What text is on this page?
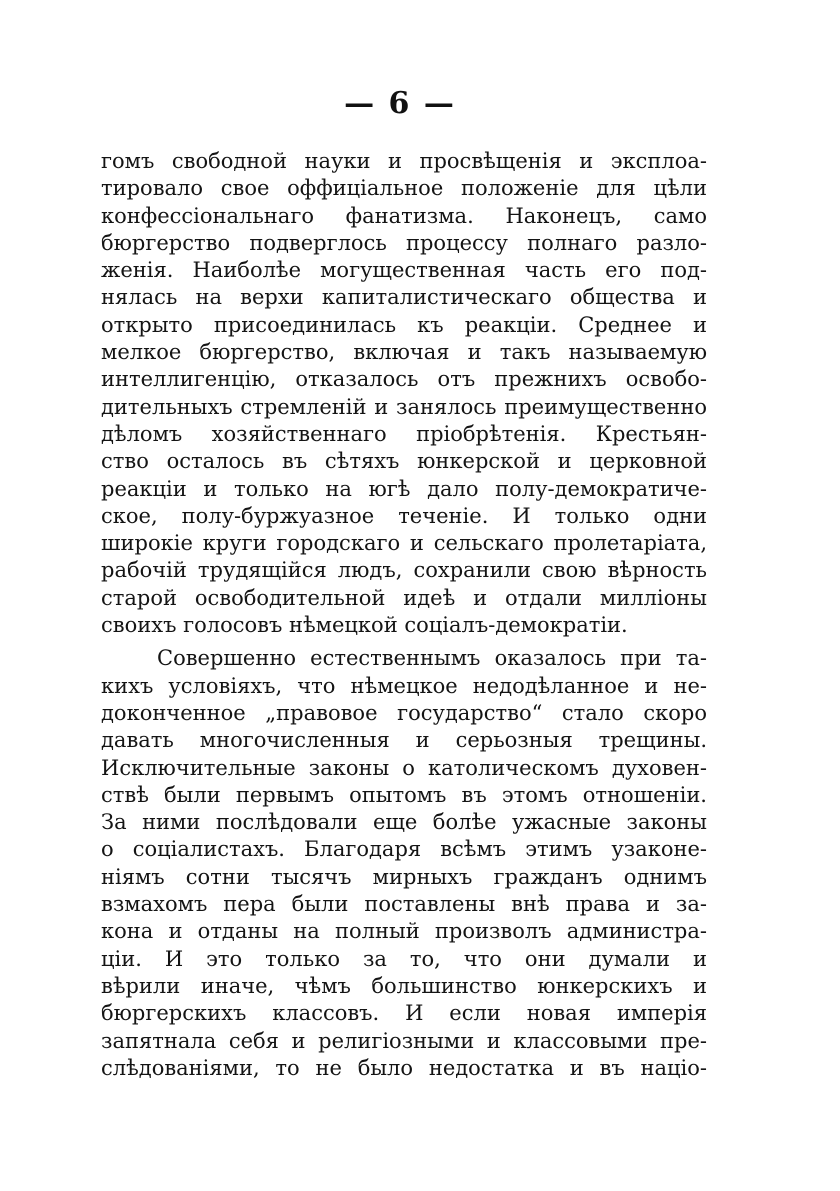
— 6 —
гомъ свободной науки и просвѣщенія и эксплоа-
тировало свое оффиціальное положеніе для цѣли
конфессіональнаго фанатизма. Наконецъ, само
бюргерство подверглось процессу полнаго разло-
женія. Наиболѣе могущественная часть его под-
нялась на верхи капиталистическаго общества и
открыто присоединилась къ реакціи. Среднее и
мелкое бюргерство, включая и такъ называемую
интеллигенцію, отказалось отъ прежнихъ освобо-
дительныхъ стремленій и занялось преимущественно
дѣломъ хозяйственнаго пріобрѣтенія. Крестьян-
ство осталось въ сѣтяхъ юнкерской и церковной
реакціи и только на югѣ дало полу-демократиче-
ское, полу-буржуазное теченіе. И только одни
широкіе круги городскаго и сельскаго пролетаріата,
рабочій трудящійся людъ, сохранили свою вѣрность
старой освободительной идеѣ и отдали милліоны
своихъ голосовъ нѣмецкой соціалъ-демократіи.
Совершенно естественнымъ оказалось при та-
кихъ условіяхъ, что нѣмецкое недодѣланное и не-
доконченное „правовое государство“ стало скоро
давать многочисленныя и серьозныя трещины.
Исключительные законы о католическомъ духовен-
ствѣ были первымъ опытомъ въ этомъ отношеніи.
За ними послѣдовали еще болѣе ужасные законы
о соціалистахъ. Благодаря всѣмъ этимъ узаконе-
ніямъ сотни тысячъ мирныхъ гражданъ однимъ
взмахомъ пера были поставлены внѣ права и за-
кона и отданы на полный произволъ администра-
ціи. И это только за то, что они думали и
вѣрили иначе, чѣмъ большинство юнкерскихъ и
бюргерскихъ классовъ. И если новая имперія
запятнала себя и религіозными и классовыми пре-
слѣдованіями, то не было недостатка и въ націо-
